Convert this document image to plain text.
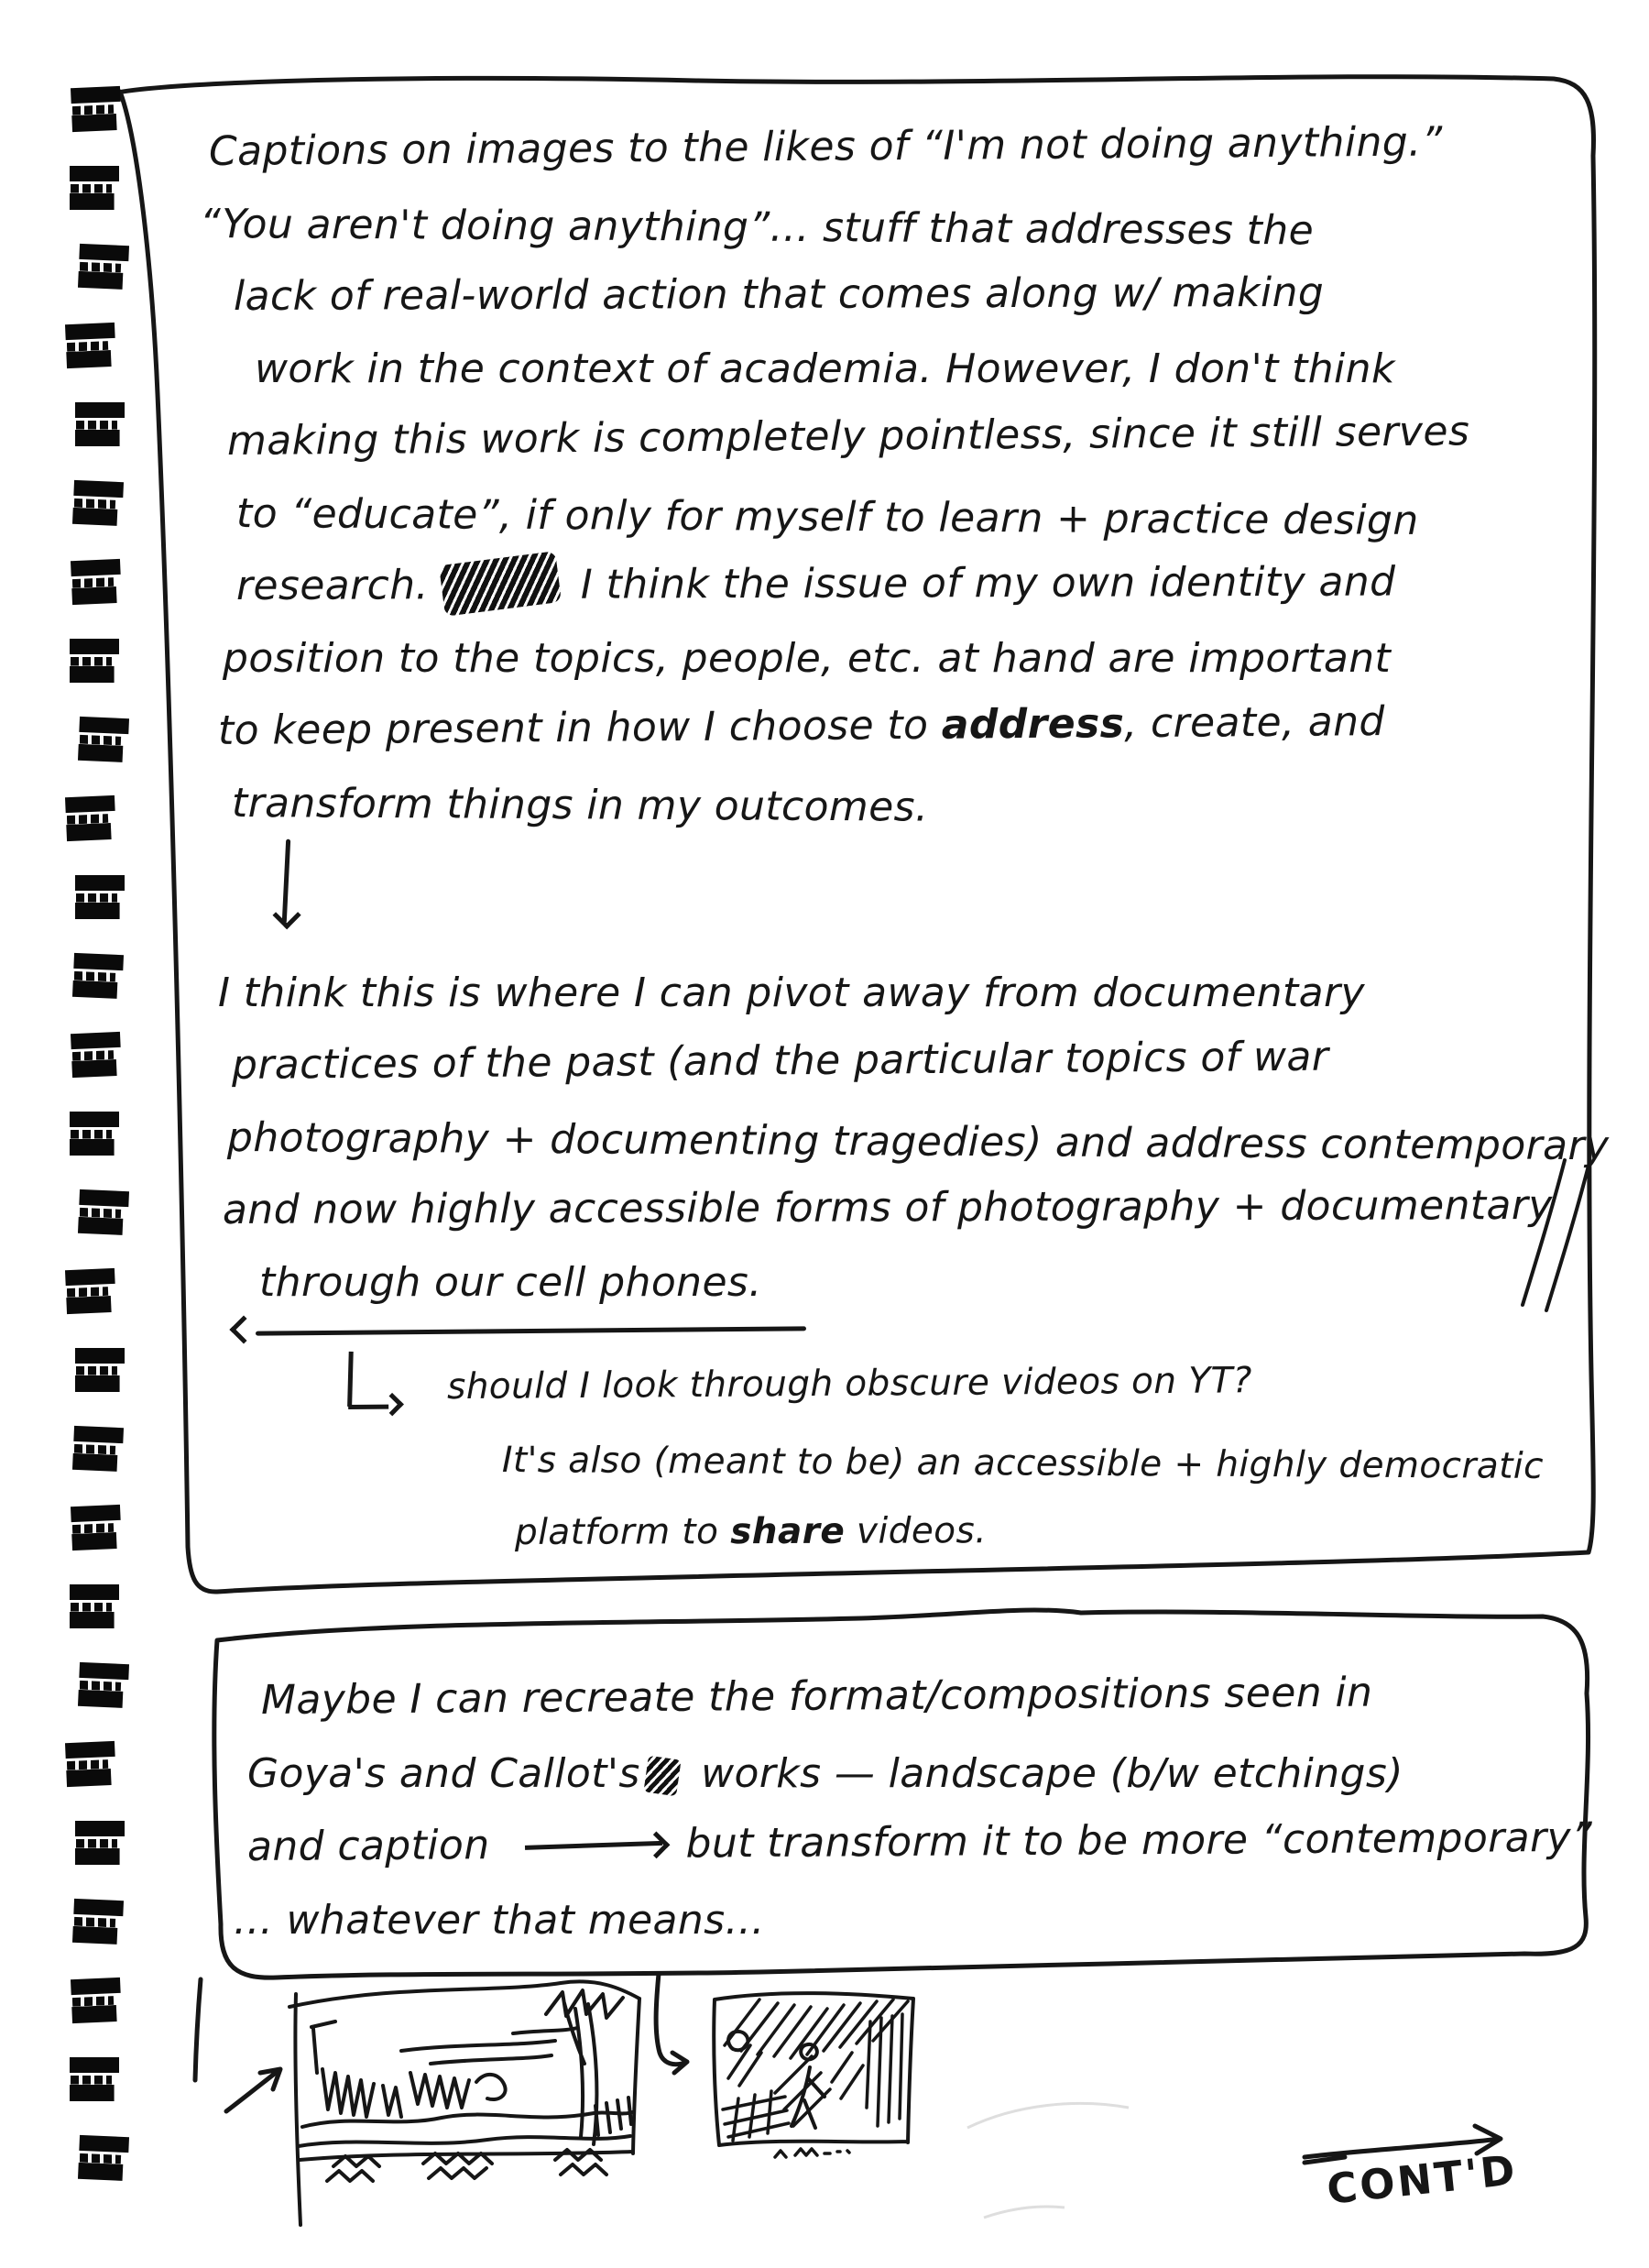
Captions on images to the likes of “I'm not doing anything.”
“You aren't doing anything”... stuff that addresses the
lack of real-world action that comes along w/ making
work in the context of academia. However, I don't think
making this work is completely pointless, since it still serves
to “educate”, if only for myself to learn + practice design
research.	I think the issue of my own identity and
position to the topics, people, etc. at hand are important
to keep present in how I choose to address, create, and
transform things in my outcomes.
I think this is where I can pivot away from documentary
practices of the past (and the particular topics of war
photography + documenting tragedies) and address contemporary
and now highly accessible forms of photography + documentary
through our cell phones.
should I look through obscure videos on YT?
It's also (meant to be) an accessible + highly democratic
platform to share videos.
Maybe I can recreate the format/compositions seen in
Goya's and Callot's works — landscape (b/w etchings)
and caption	but transform it to be more “contemporary”
... whatever that means...
CONT'D
